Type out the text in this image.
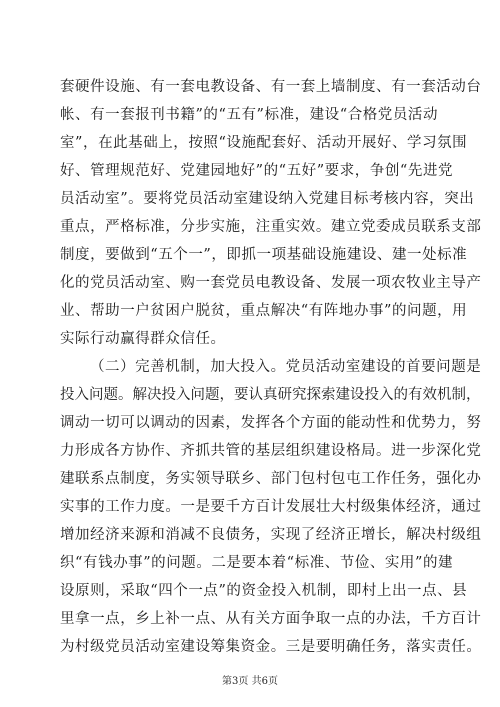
套硬件设施、有一套电教设备、有一套上墙制度、有一套活动台
帐、有一套报刊书籍”的“五有”标准，建设“合格党员活动
室”，在此基础上，按照“设施配套好、活动开展好、学习氛围
好、管理规范好、党建园地好”的“五好”要求，争创“先进党
员活动室”。要将党员活动室建设纳入党建目标考核内容，突出
重点，严格标准，分步实施，注重实效。建立党委成员联系支部
制度，要做到“五个一”，即抓一项基础设施建设、建一处标准
化的党员活动室、购一套党员电教设备、发展一项农牧业主导产
业、帮助一户贫困户脱贫，重点解决“有阵地办事”的问题，用
实际行动赢得群众信任。
（二）完善机制，加大投入。党员活动室建设的首要问题是
投入问题。解决投入问题，要认真研究探索建设投入的有效机制，
调动一切可以调动的因素，发挥各个方面的能动性和优势力，努
力形成各方协作、齐抓共管的基层组织建设格局。进一步深化党
建联系点制度，务实领导联乡、部门包村包屯工作任务，强化办
实事的工作力度。一是要千方百计发展壮大村级集体经济，通过
增加经济来源和消减不良债务，实现了经济正增长，解决村级组
织“有钱办事”的问题。二是要本着“标准、节俭、实用”的建
设原则，采取“四个一点”的资金投入机制，即村上出一点、县
里拿一点，乡上补一点、从有关方面争取一点的办法，千方百计
为村级党员活动室建设筹集资金。三是要明确任务，落实责任。
第3页 共6页
